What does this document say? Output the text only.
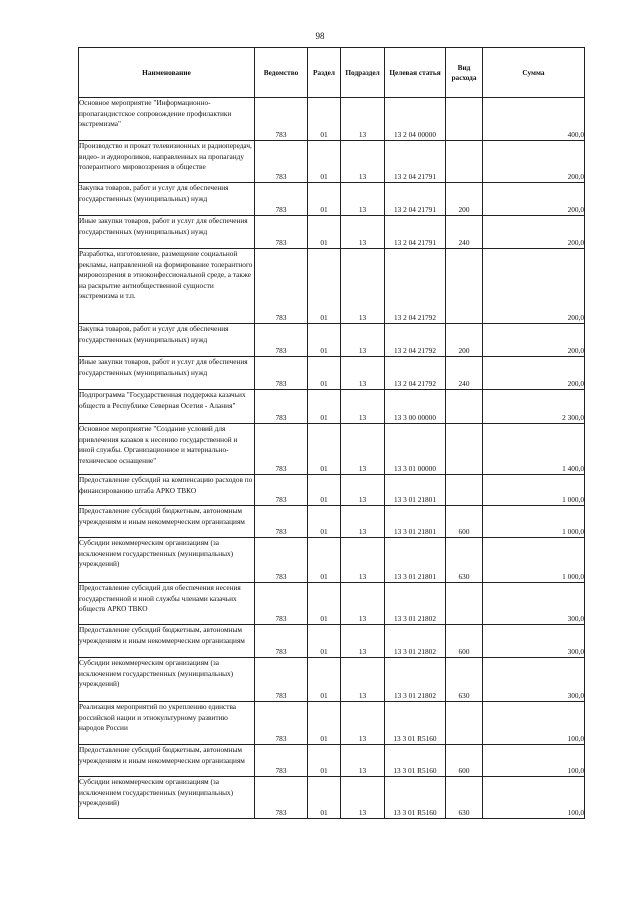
98
Наименование	Ведомство	Раздел	Подраздел	Целевая статья	Вид расхода	Сумма
Основное мероприятие "Информационно-пропагандистское сопровождение профилактики экстремизма"	783	01	13	13 2 04 00000		400,0
Производство и прокат телевизионных и радиопередач, видео- и аудиороликов, направленных на пропаганду толерантного мировоззрения в обществе	783	01	13	13 2 04 21791		200,0
Закупка товаров, работ и услуг для обеспечения государственных (муниципальных) нужд	783	01	13	13 2 04 21791	200	200,0
Иные закупки товаров, работ и услуг для обеспечения государственных (муниципальных) нужд	783	01	13	13 2 04 21791	240	200,0
Разработка, изготовление, размещение социальной рекламы, направленной на формирование толерантного мировоззрения в этноконфессиональной среде, а также на раскрытие антиобщественной сущности экстремизма и т.п.	783	01	13	13 2 04 21792		200,0
Закупка товаров, работ и услуг для обеспечения государственных (муниципальных) нужд	783	01	13	13 2 04 21792	200	200,0
Иные закупки товаров, работ и услуг для обеспечения государственных (муниципальных) нужд	783	01	13	13 2 04 21792	240	200,0
Подпрограмма "Государственная поддержка казачьих обществ в Республике Северная Осетия - Алания"	783	01	13	13 3 00 00000		2 300,0
Основное мероприятие "Создание условий для привлечения казаков к несению государственной и иной службы. Организационное и материально-техническое оснащение"	783	01	13	13 3 01 00000		1 400,0
Предоставление субсидий на компенсацию расходов по финансированию штаба АРКО ТВКО	783	01	13	13 3 01 21801		1 000,0
Предоставление субсидий бюджетным, автономным учреждениям и иным некоммерческим организациям	783	01	13	13 3 01 21801	600	1 000,0
Субсидии некоммерческим организациям (за исключением государственных (муниципальных) учреждений)	783	01	13	13 3 01 21801	630	1 000,0
Предоставление субсидий для обеспечения несения государственной и иной службы членами казачьих обществ АРКО ТВКО	783	01	13	13 3 01 21802		300,0
Предоставление субсидий бюджетным, автономным учреждениям и иным некоммерческим организациям	783	01	13	13 3 01 21802	600	300,0
Субсидии некоммерческим организациям (за исключением государственных (муниципальных) учреждений)	783	01	13	13 3 01 21802	630	300,0
Реализация мероприятий по укреплению единства российской нации и этнокультурному развитию народов России	783	01	13	13 3 01 R5160		100,0
Предоставление субсидий бюджетным, автономным учреждениям и иным некоммерческим организациям	783	01	13	13 3 01 R5160	600	100,0
Субсидии некоммерческим организациям (за исключением государственных (муниципальных) учреждений)	783	01	13	13 3 01 R5160	630	100,0
